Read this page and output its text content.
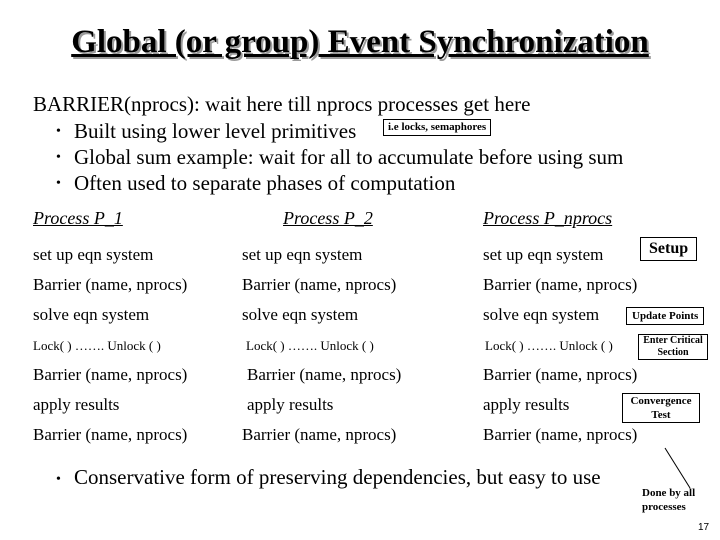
Global (or group) Event Synchronization
BARRIER(nprocs): wait here till nprocs processes get here
• Built using lower level primitives	i.e locks, semaphores
• Global sum example: wait for all to accumulate before using sum
• Often used to separate phases of computation
Process P_1	Process P_2	Process P_nprocs
set up eqn system	set up eqn system	set up eqn system	Setup
Barrier (name, nprocs)	Barrier (name, nprocs)	Barrier (name, nprocs)
solve eqn system	solve eqn system	solve eqn system	Update Points
Lock( ) ……. Unlock ( )	Lock( ) ……. Unlock ( )	Lock( ) ……. Unlock ( )	Enter Critical Section
Barrier (name, nprocs)	Barrier (name, nprocs)	Barrier (name, nprocs)
apply results	apply results	apply results	Convergence Test
Barrier (name, nprocs)	Barrier (name, nprocs)	Barrier (name, nprocs)
• Conservative form of preserving dependencies, but easy to use
Done by all processes
17
